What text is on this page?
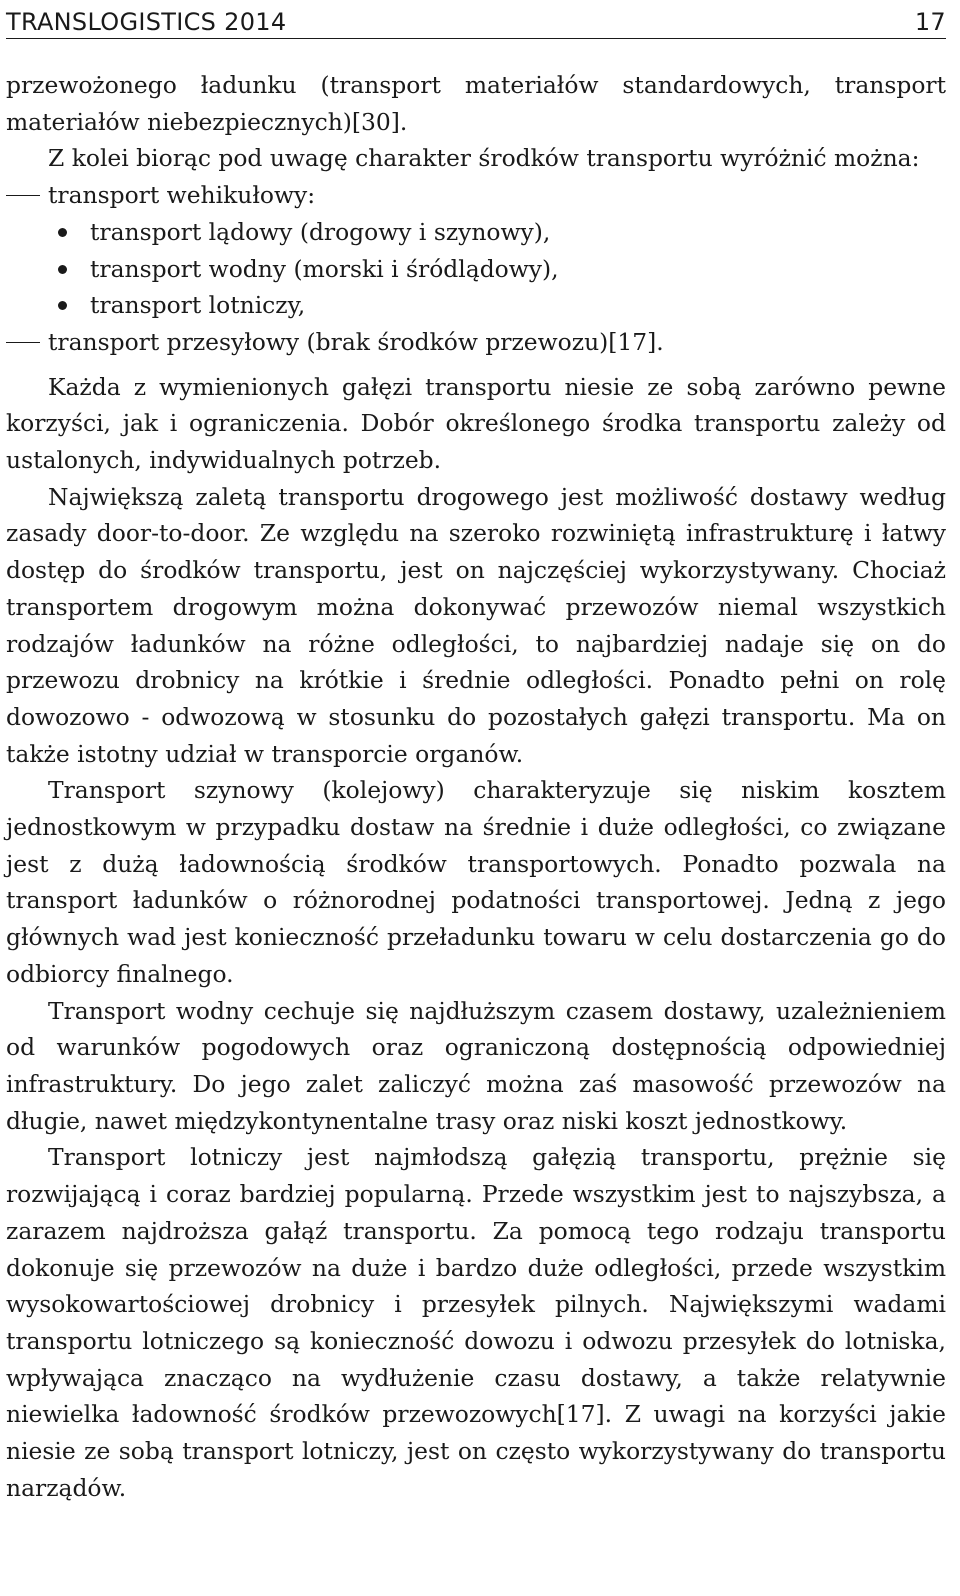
TRANSLOGISTICS 2014	17

przewożonego ładunku (transport materiałów standardowych, transport materiałów niebezpiecznych)[30].

Z kolei biorąc pod uwagę charakter środków transportu wyróżnić można:

transport wehikułowy:
transport lądowy (drogowy i szynowy),
transport wodny (morski i śródlądowy),
transport lotniczy,
transport przesyłowy (brak środków przewozu)[17].

Każda z wymienionych gałęzi transportu niesie ze sobą zarówno pewne korzyści, jak i ograniczenia. Dobór określonego środka transportu zależy od ustalonych, indywidualnych potrzeb.

Największą zaletą transportu drogowego jest możliwość dostawy według zasady door-to-door. Ze względu na szeroko rozwiniętą infrastrukturę i łatwy dostęp do środków transportu, jest on najczęściej wykorzystywany. Chociaż transportem drogowym można dokonywać przewozów niemal wszystkich rodzajów ładunków na różne odległości, to najbardziej nadaje się on do przewozu drobnicy na krótkie i średnie odległości. Ponadto pełni on rolę dowozowo - odwozową w stosunku do pozostałych gałęzi transportu. Ma on także istotny udział w transporcie organów.

Transport szynowy (kolejowy) charakteryzuje się niskim kosztem jednostkowym w przypadku dostaw na średnie i duże odległości, co związane jest z dużą ładownością środków transportowych. Ponadto pozwala na transport ładunków o różnorodnej podatności transportowej. Jedną z jego głównych wad jest konieczność przeładunku towaru w celu dostarczenia go do odbiorcy finalnego.

Transport wodny cechuje się najdłuższym czasem dostawy, uzależnieniem od warunków pogodowych oraz ograniczoną dostępnością odpowiedniej infrastruktury. Do jego zalet zaliczyć można zaś masowość przewozów na długie, nawet międzykontynentalne trasy oraz niski koszt jednostkowy.

Transport lotniczy jest najmłodszą gałęzią transportu, prężnie się rozwijającą i coraz bardziej popularną. Przede wszystkim jest to najszybsza, a zarazem najdroższa gałąź transportu. Za pomocą tego rodzaju transportu dokonuje się przewozów na duże i bardzo duże odległości, przede wszystkim wysokowartościowej drobnicy i przesyłek pilnych. Największymi wadami transportu lotniczego są konieczność dowozu i odwozu przesyłek do lotniska, wpływająca znacząco na wydłużenie czasu dostawy, a także relatywnie niewielka ładowność środków przewozowych[17]. Z uwagi na korzyści jakie niesie ze sobą transport lotniczy, jest on często wykorzystywany do transportu narządów.
